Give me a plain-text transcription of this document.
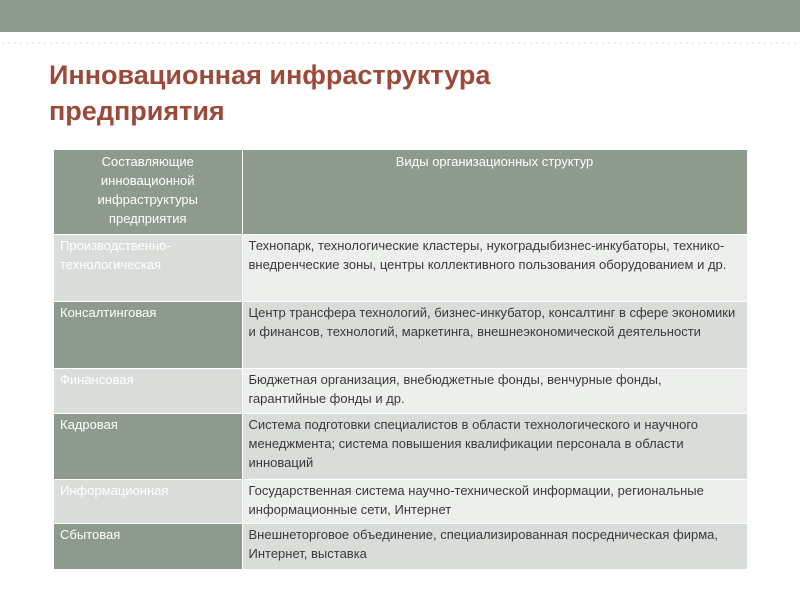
Инновационная инфраструктура предприятия
Составляющие инновационной инфраструктуры предприятия	Виды организационных структур
Производственно-технологическая	Технопарк, технологические кластеры, нукоградыбизнес-инкубаторы, технико-внедренческие зоны, центры коллективного пользования оборудованием и др.
Консалтинговая	Центр трансфера технологий, бизнес-инкубатор, консалтинг в сфере экономики и финансов, технологий, маркетинга, внешнеэкономической деятельности
Финансовая	Бюджетная организация, внебюджетные фонды, венчурные фонды, гарантийные фонды и др.
Кадровая	Система подготовки специалистов в области технологического и научного менеджмента; система повышения квалификации персонала в области инноваций
Информационная	Государственная система научно-технической информации, региональные информационные сети, Интернет
Сбытовая	Внешнеторговое объединение, специализированная посредническая фирма, Интернет, выставка
